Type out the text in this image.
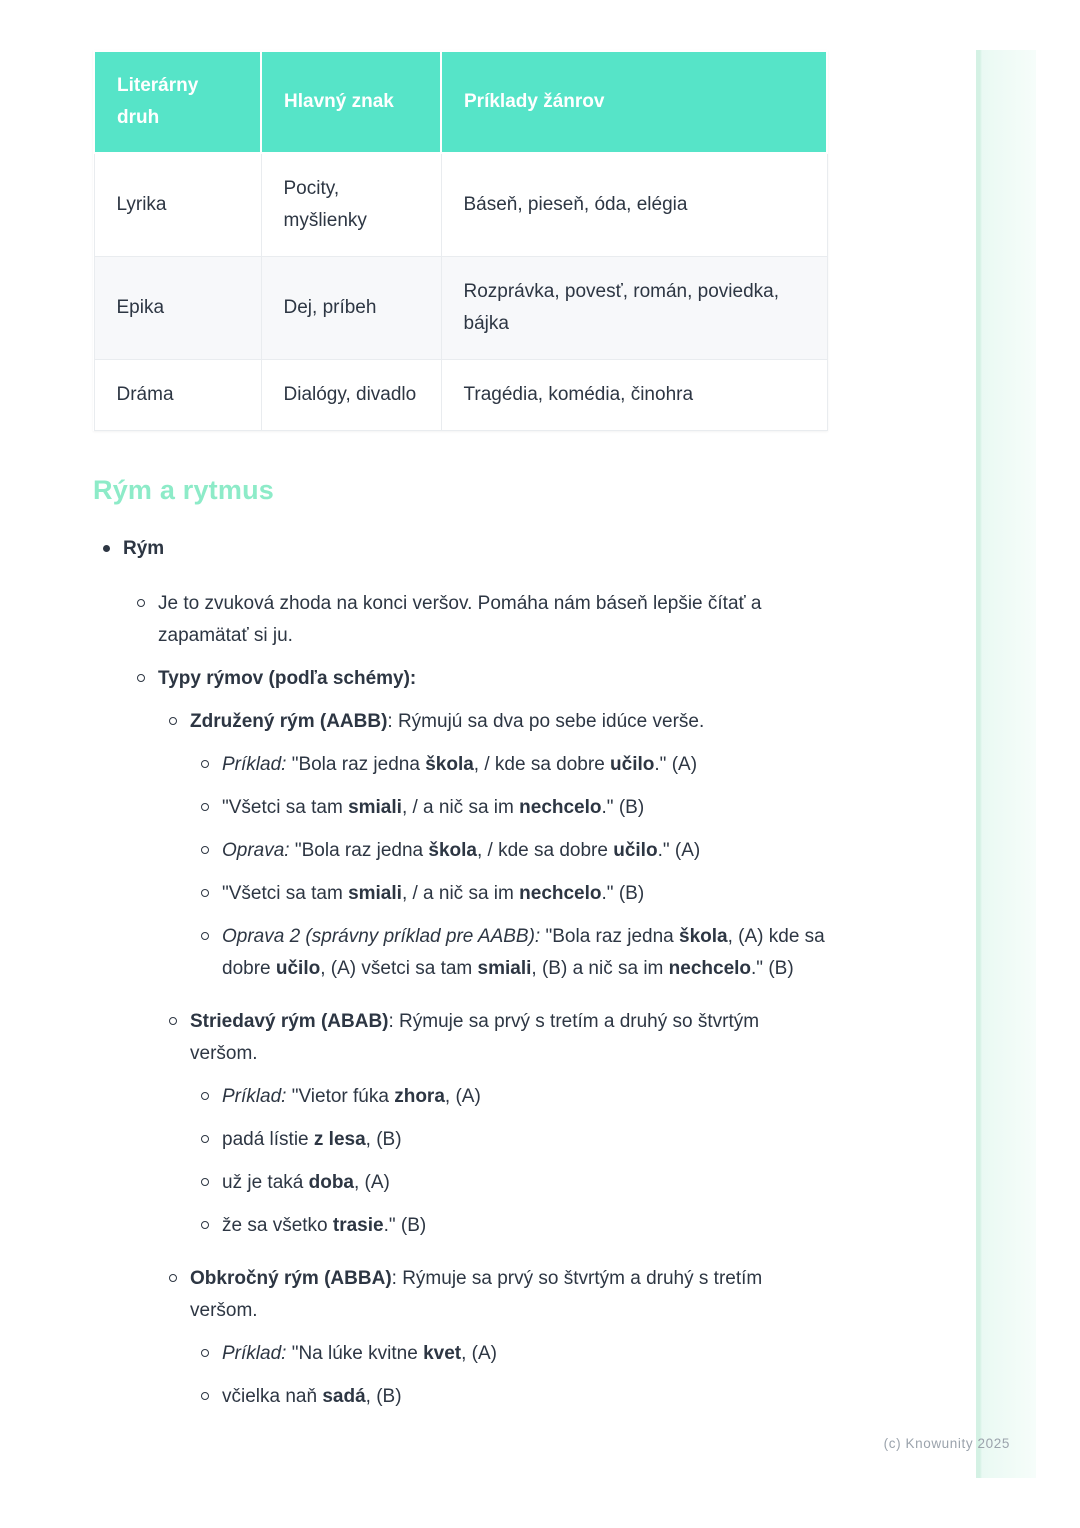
Literárny druh	Hlavný znak	Príklady žánrov
Lyrika	Pocity, myšlienky	Báseň, pieseň, óda, elégia
Epika	Dej, príbeh	Rozprávka, povesť, román, poviedka, bájka
Dráma	Dialógy, divadlo	Tragédia, komédia, činohra
Rým a rytmus
Rým
Je to zvuková zhoda na konci veršov. Pomáha nám báseň lepšie čítať a zapamätať si ju.
Typy rýmov (podľa schémy):
Združený rým (AABB): Rýmujú sa dva po sebe idúce verše.
Príklad: "Bola raz jedna škola, / kde sa dobre učilo." (A)
"Všetci sa tam smiali, / a nič sa im nechcelo." (B)
Oprava: "Bola raz jedna škola, / kde sa dobre učilo." (A)
"Všetci sa tam smiali, / a nič sa im nechcelo." (B)
Oprava 2 (správny príklad pre AABB): "Bola raz jedna škola, (A) kde sa dobre učilo, (A) všetci sa tam smiali, (B) a nič sa im nechcelo." (B)
Striedavý rým (ABAB): Rýmuje sa prvý s tretím a druhý so štvrtým veršom.
Príklad: "Vietor fúka zhora, (A)
padá lístie z lesa, (B)
už je taká doba, (A)
že sa všetko trasie." (B)
Obkročný rým (ABBA): Rýmuje sa prvý so štvrtým a druhý s tretím veršom.
Príklad: "Na lúke kvitne kvet, (A)
včielka naň sadá, (B)
(c) Knowunity 2025
